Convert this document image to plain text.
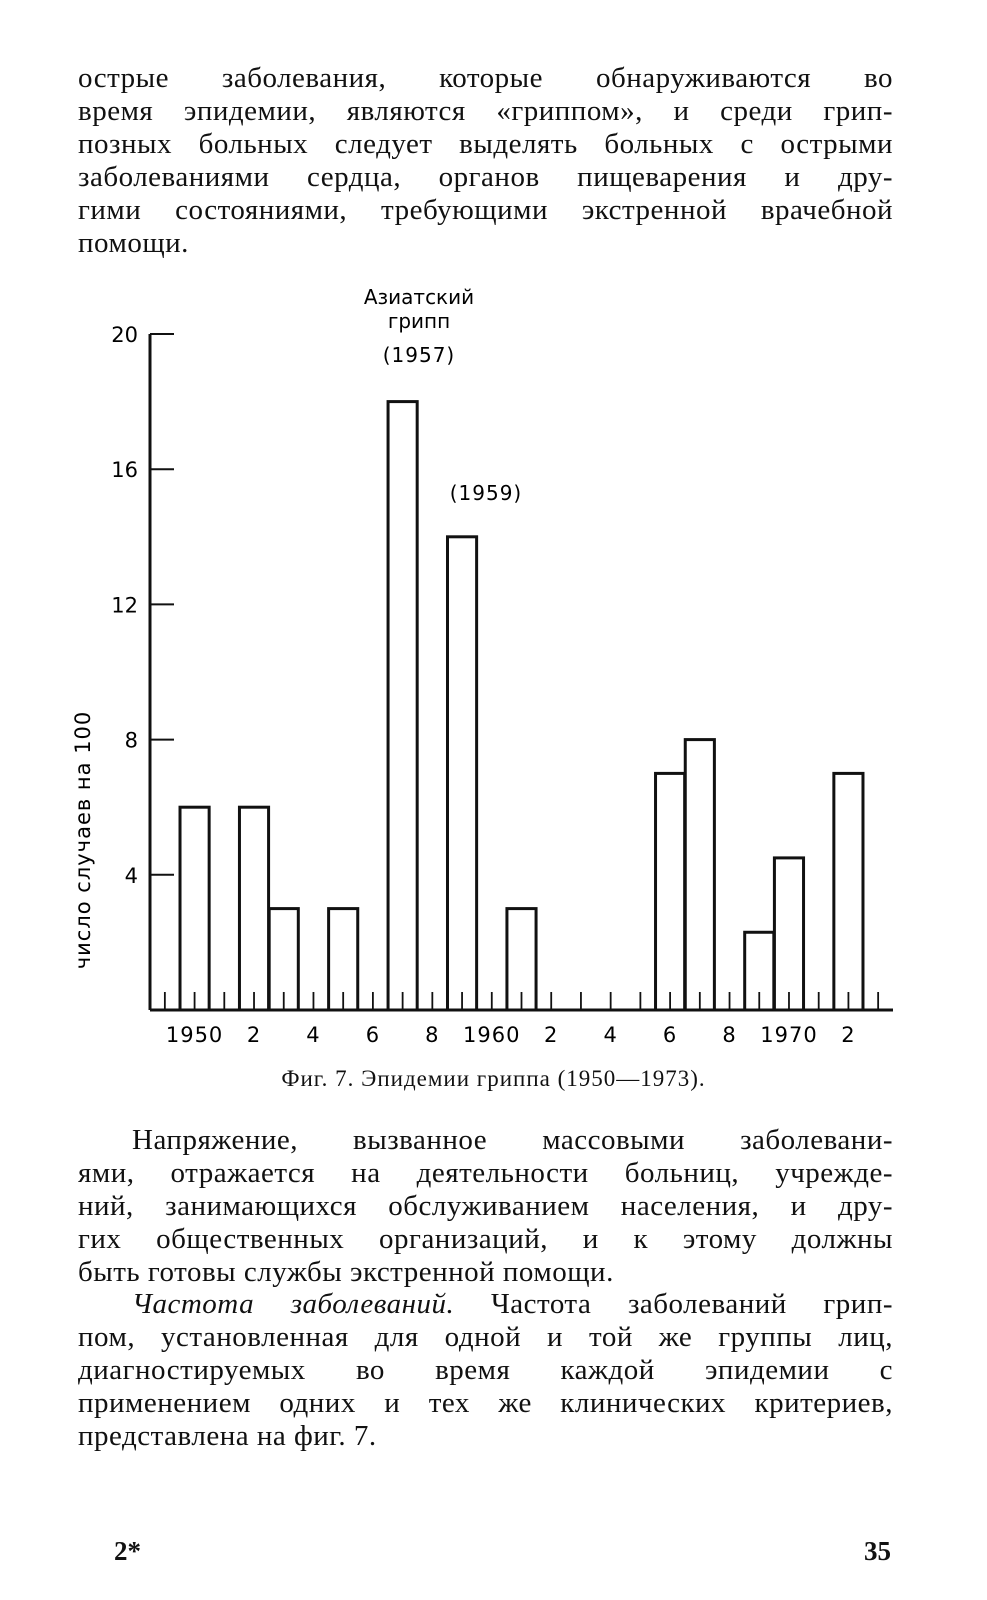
острые заболевания, которые обнаруживаются во
время эпидемии, являются «гриппом», и среди грип-
позных больных следует выделять больных с острыми
заболеваниями сердца, органов пищеварения и дру-
гими состояниями, требующими экстренной врачебной
помощи.
4
8
12
16
20
1950 2 4 6 8 1960 2 4 6 8 1970 2
число случаев на 100
Азиатский
грипп
(1957)
(1959)
Фиг. 7. Эпидемии гриппа (1950—1973).
Напряжение, вызванное массовыми заболевани-
ями, отражается на деятельности больниц, учрежде-
ний, занимающихся обслуживанием населения, и дру-
гих общественных организаций, и к этому должны
быть готовы службы экстренной помощи.
Частота заболеваний. Частота заболеваний грип-
пом, установленная для одной и той же группы лиц,
диагностируемых во время каждой эпидемии с
применением одних и тех же клинических критериев,
представлена на фиг. 7.
2*	35
